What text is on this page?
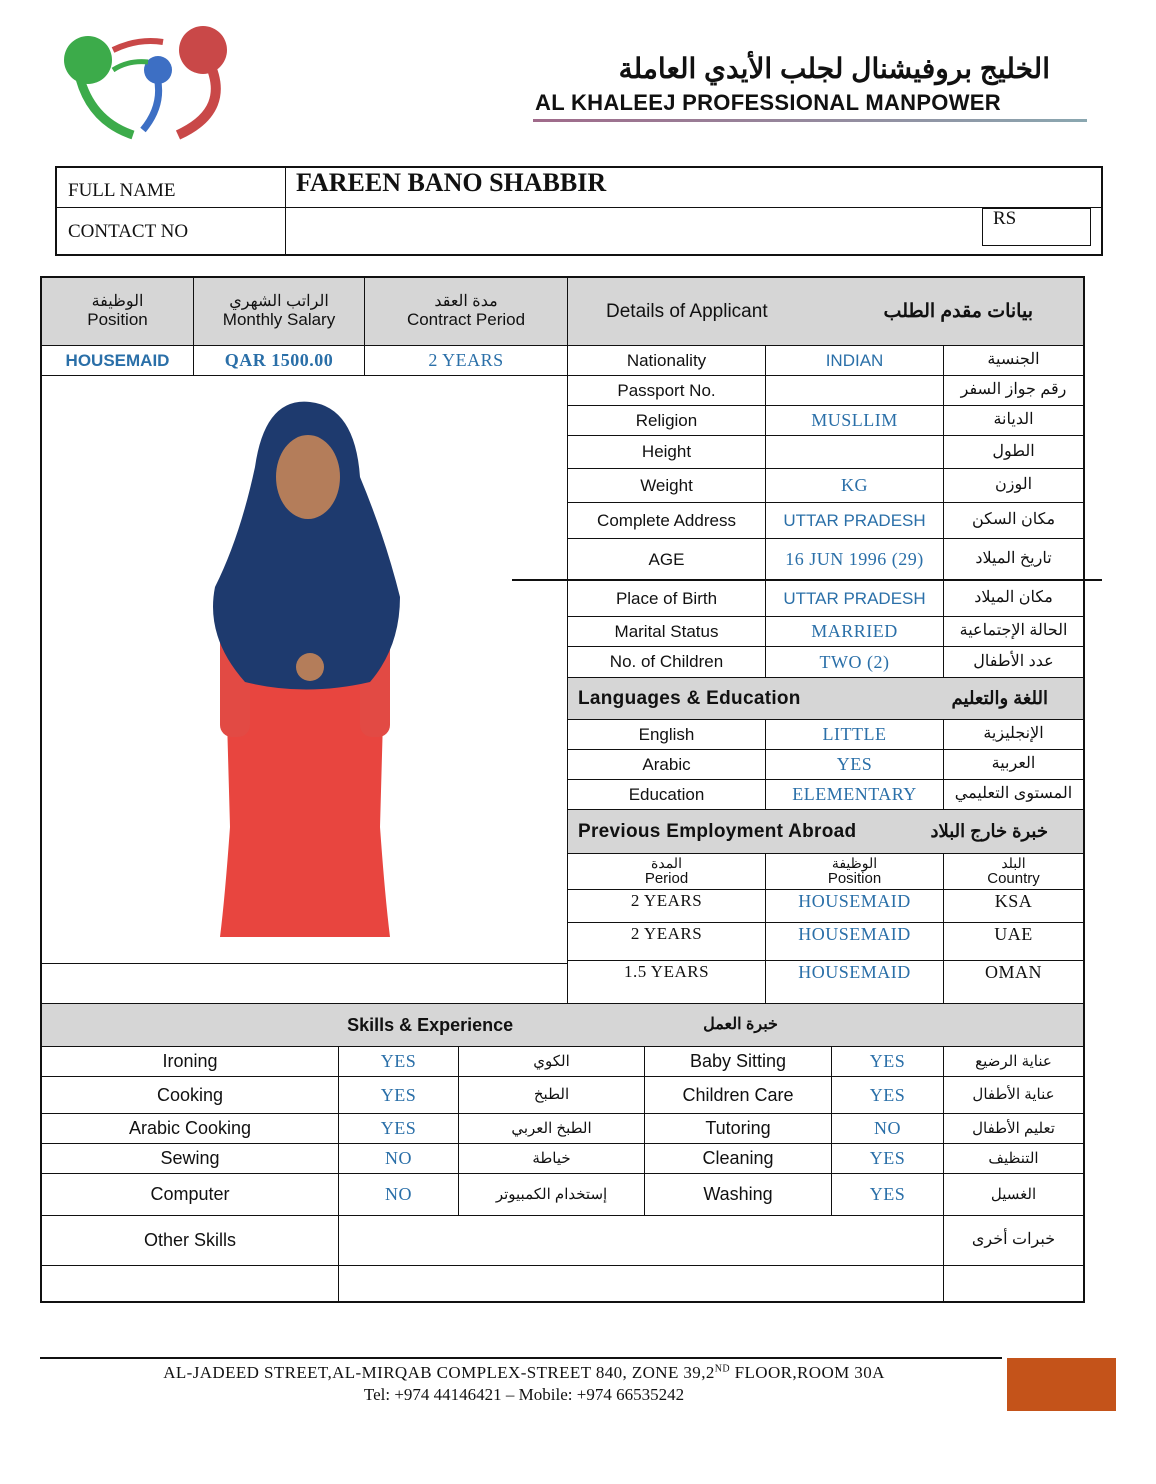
الخليج بروفيشنال لجلب الأيدي العاملة
AL KHALEEJ PROFESSIONAL MANPOWER
FULL NAME	FAREEN BANO SHABBIR
CONTACT NO
RS
الوظيفة
Position
الراتب الشهري
Monthly Salary
مدة العقد
Contract Period	Details of Applicant	بيانات مقدم الطلب
HOUSEMAID	QAR 1500.00	2 YEARS
AL-JADEED STREET,AL-MIRQAB COMPLEX-STREET 840, ZONE 39,2ND FLOOR,ROOM 30A
Tel: +974 44146421 – Mobile: +974 66535242
Nationality	INDIAN	الجنسية
Passport No.	رقم جواز السفر
Religion	MUSLLIM	الديانة
Height	الطول
Weight	KG	الوزن
Complete Address	UTTAR PRADESH	مكان السكن
AGE	16 JUN 1996 (29)	تاريخ الميلاد
Place of Birth	UTTAR PRADESH	مكان الميلاد
Marital Status	MARRIED	الحالة الإجتماعية
No. of Children	TWO (2)	عدد الأطفال
Languages & Education	اللغة والتعليم
English	LITTLE	الإنجليزية
Arabic	YES	العربية
Education	ELEMENTARY	المستوى التعليمي
Previous Employment Abroad	خبرة خارج البلاد
المدة
Period
الوظيفة
Position
البلد
Country
2 YEARS	HOUSEMAID	KSA
2 YEARS	HOUSEMAID	UAE
1.5 YEARS	HOUSEMAID	OMAN
Skills & Experience	خبرة العمل
Ironing	YES	الكوي	Baby Sitting	YES	عناية الرضيع
Cooking	YES	الطبخ	Children Care	YES	عناية الأطفال
Arabic Cooking	YES	الطبخ العربي	Tutoring	NO	تعليم الأطفال
Sewing	NO	خياطة	Cleaning	YES	التنظيف
Computer	NO	إستخدام الكمبيوتر	Washing	YES	الغسيل
Other Skills	خبرات أخرى
